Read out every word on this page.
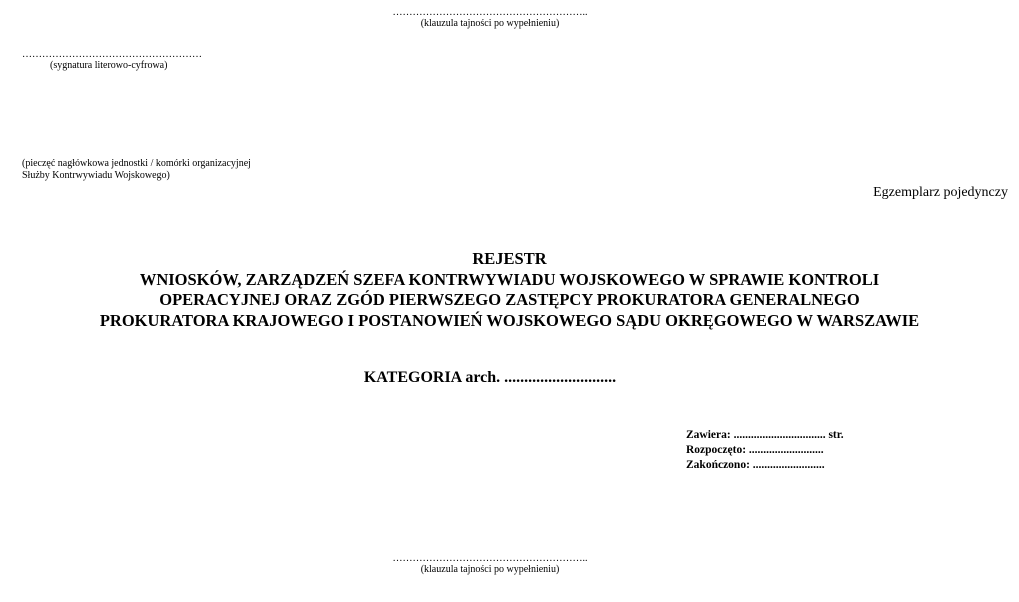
…………………………………………………..
(klauzula tajności po wypełnieniu)
………………………………………………
(sygnatura literowo-cyfrowa)
(pieczęć nagłówkowa jednostki / komórki organizacyjnej
Służby Kontrwywiadu Wojskowego)
Egzemplarz pojedynczy
REJESTR
WNIOSKÓW, ZARZĄDZEŃ SZEFA KONTRWYWIADU WOJSKOWEGO W SPRAWIE KONTROLI
OPERACYJNEJ ORAZ ZGÓD PIERWSZEGO ZASTĘPCY PROKURATORA GENERALNEGO
PROKURATORA KRAJOWEGO I POSTANOWIEŃ WOJSKOWEGO SĄDU OKRĘGOWEGO W WARSZAWIE
KATEGORIA arch. ............................
Zawiera: ................................ str.
Rozpoczęto: ..........................
Zakończono: .........................
…………………………………………………..
(klauzula tajności po wypełnieniu)
